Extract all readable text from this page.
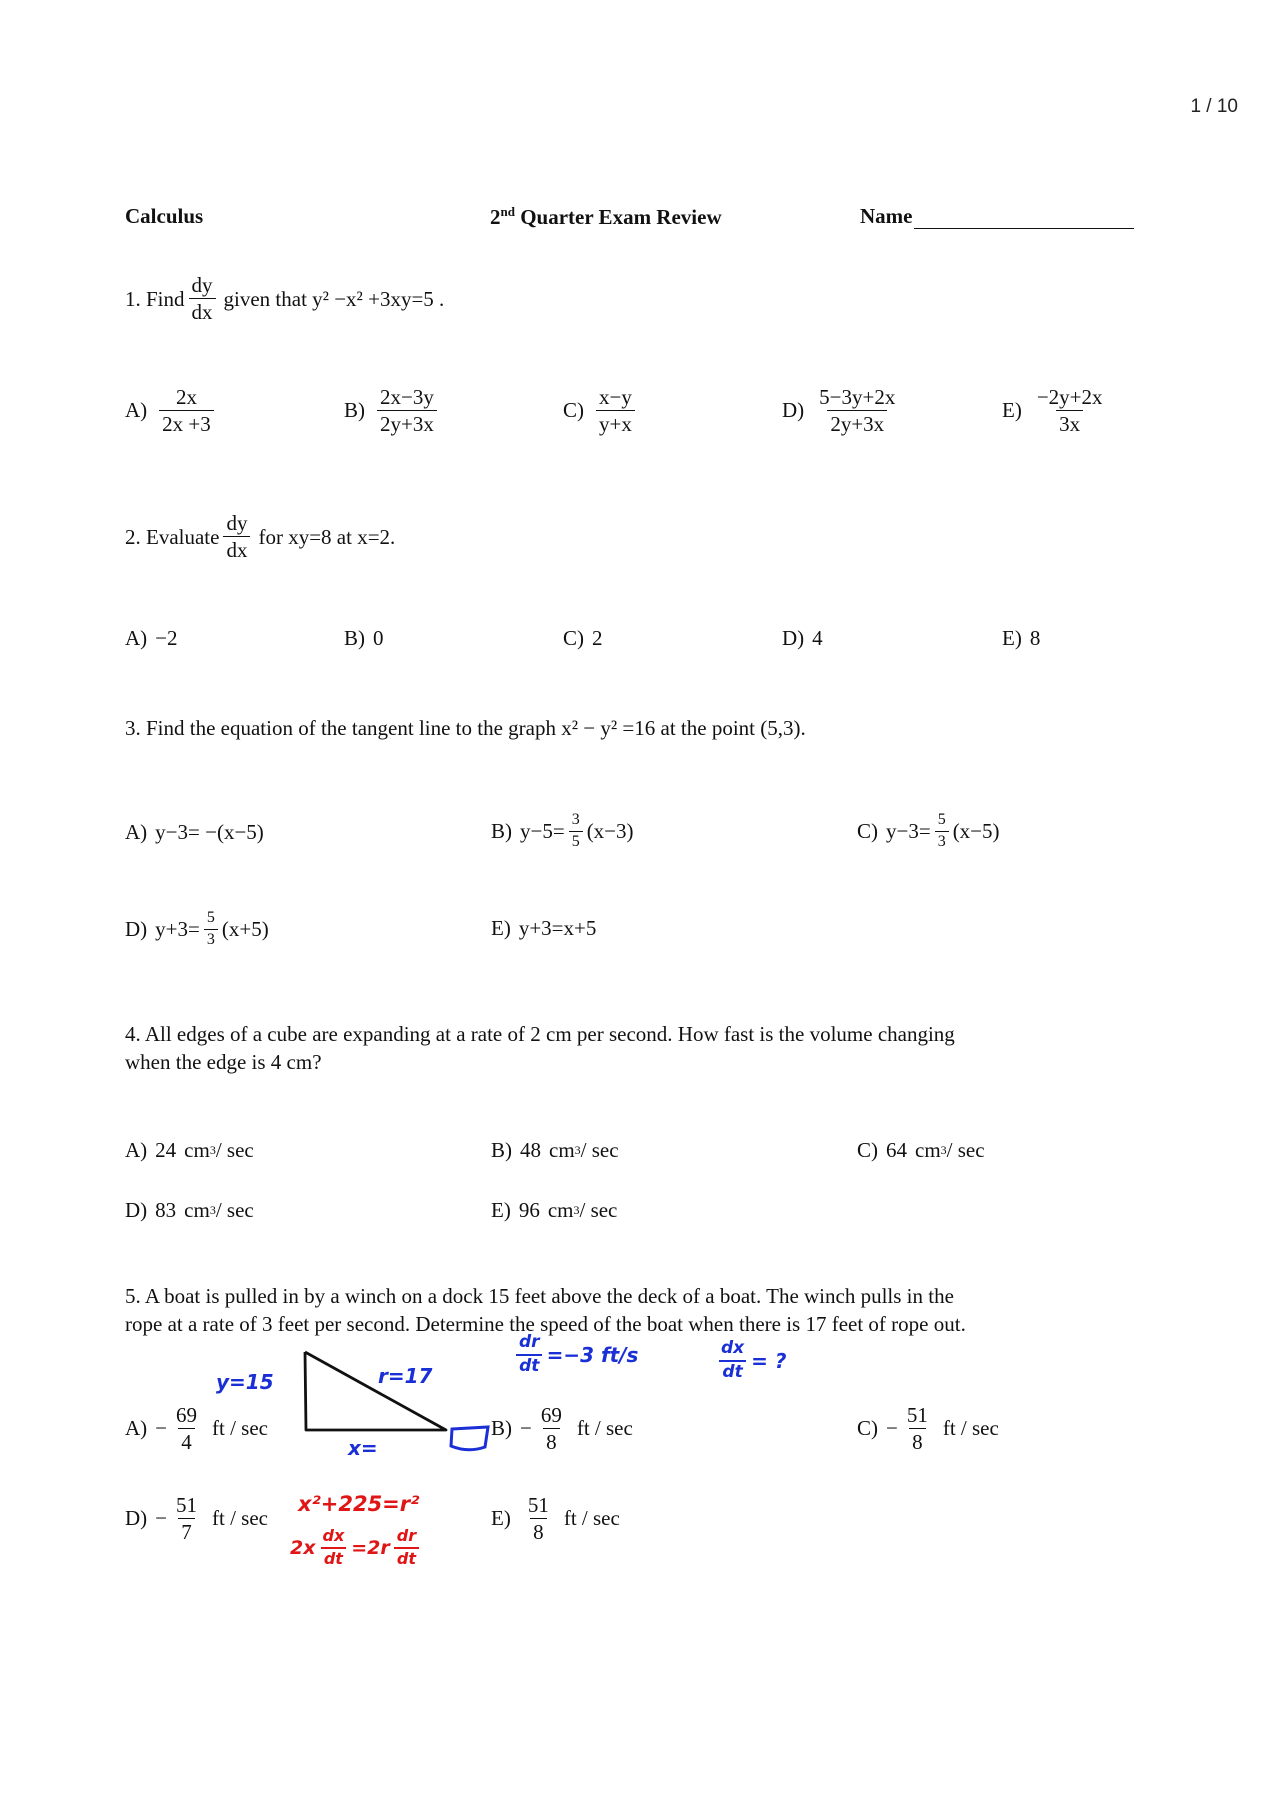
1 / 10
Calculus	2nd Quarter Exam Review	Name
1. Find $\frac{dy}{dx}$ given that y² −x² +3xy=5 .
$A) \frac{2x}{2x +3}$	$B) \frac{2x-3y}{2y+3x}$	$C) \frac{x-y}{y+x}$	$D) \frac{5-3y+2x}{2y+3x}$	$E) \frac{-2y+2x}{3x}$
2. Evaluate $\frac{dy}{dx}$ for xy=8 at x=2.
A) −2	B) 0	C) 2	D) 4	E) 8
3. Find the equation of the tangent line to the graph x² − y² =16 at the point (5,3).
A) y−3= −(x−5)	B) $y-5= \frac{3}{5} (x-3)$	C) $y-3= \frac{5}{3} (x-5)$
D) $y+3= \frac{5}{3} (x+5)$	E) y+3=x+5
4. All edges of a cube are expanding at a rate of 2 cm per second. How fast is the volume changing
when the edge is 4 cm?
A) 24 cm 3 / sec	B) 48 cm 3 / sec	C) 64 cm 3 / sec
D) 83 cm 3 / sec	E) 96 cm 3 / sec
5. A boat is pulled in by a winch on a dock 15 feet above the deck of a boat. The winch pulls in the
rope at a rate of 3 feet per second. Determine the speed of the boat when there is 17 feet of rope out.
$A) - \frac{69}{4}$ ft / sec	$B) - \frac{69}{8}$ ft / sec	$C) - \frac{51}{8}$ ft / sec
$D) - \frac{51}{7}$ ft / sec	$E) \frac{51}{8}$ ft / sec
y=15	r=17
x=
$\frac{dr}{dt} =-3$ ft/s	$\frac{dx}{dt}$ = ?
x²+225=r²
$2x \frac{dx}{dt} =2r \frac{dr}{dt}$
